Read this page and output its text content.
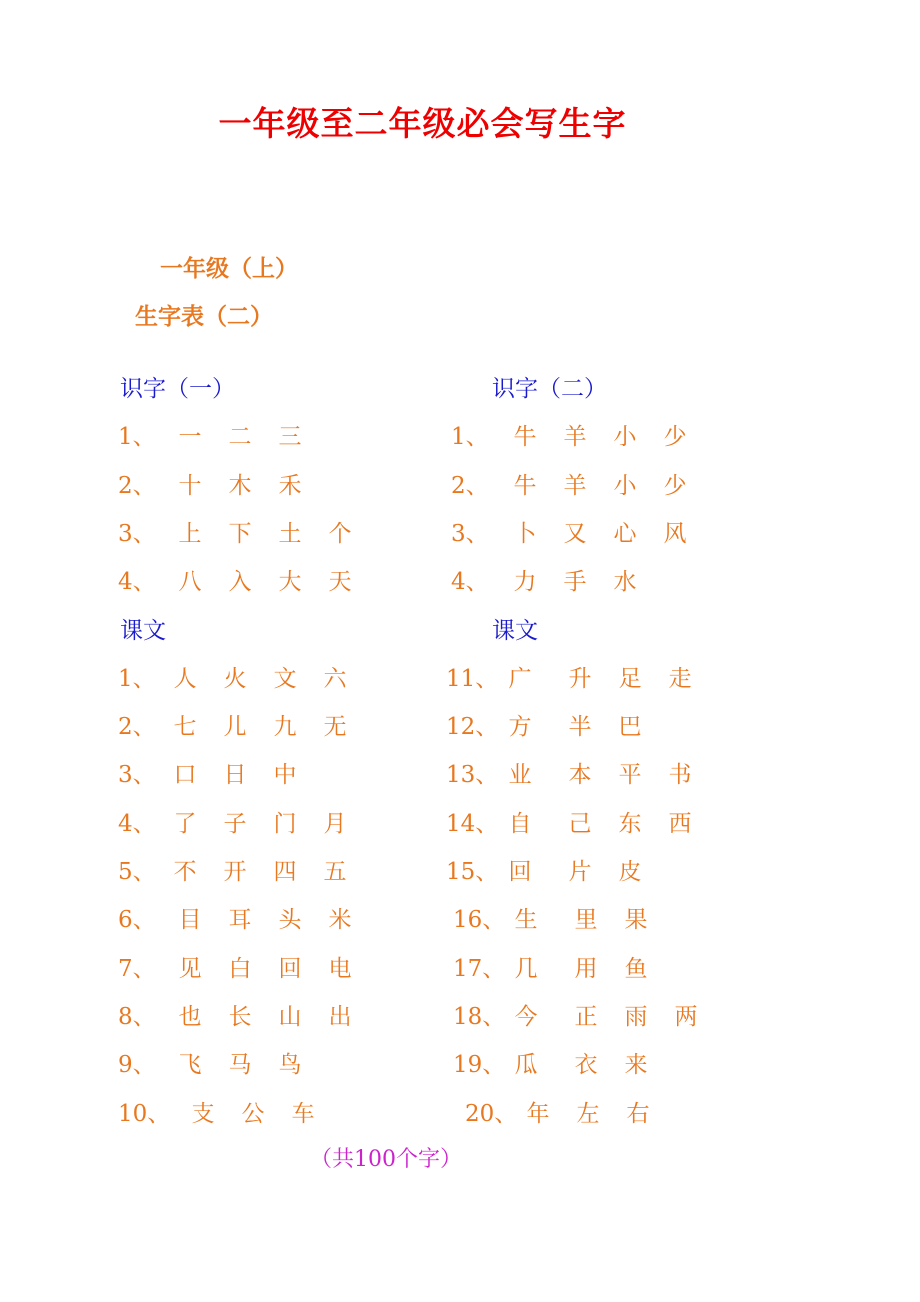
一年级至二年级必会写生字
一年级（上）
生字表（二）
识字（一）
1、 一	二	三
2、 十	木	禾
3、 上	下	土	个
4、 八	入	大	天
课文
1、 人	火	文	六
2、 七	儿	九	无
3、 口	日	中
4、 了	子	门	月
5、 不	开	四	五
6、 目	耳	头	米
7、 见	白	回	电
8、 也	长	山	出
9、 飞	马	鸟
10、 支	公	车
识字（二）
1、	牛	羊	小	少
2、	牛	羊	小	少
3、	卜	又	心	风
4、	力	手	水
课文
11、 广	升	足	走
12、 方	半	巴
13、 业	本	平	书
14、 自	己	东	西
15、 回	片	皮
16、 生	里	果
17、 几	用	鱼
18、 今	正	雨	两
19、 瓜	衣	来
20、 年	左	右
（共100个字）
